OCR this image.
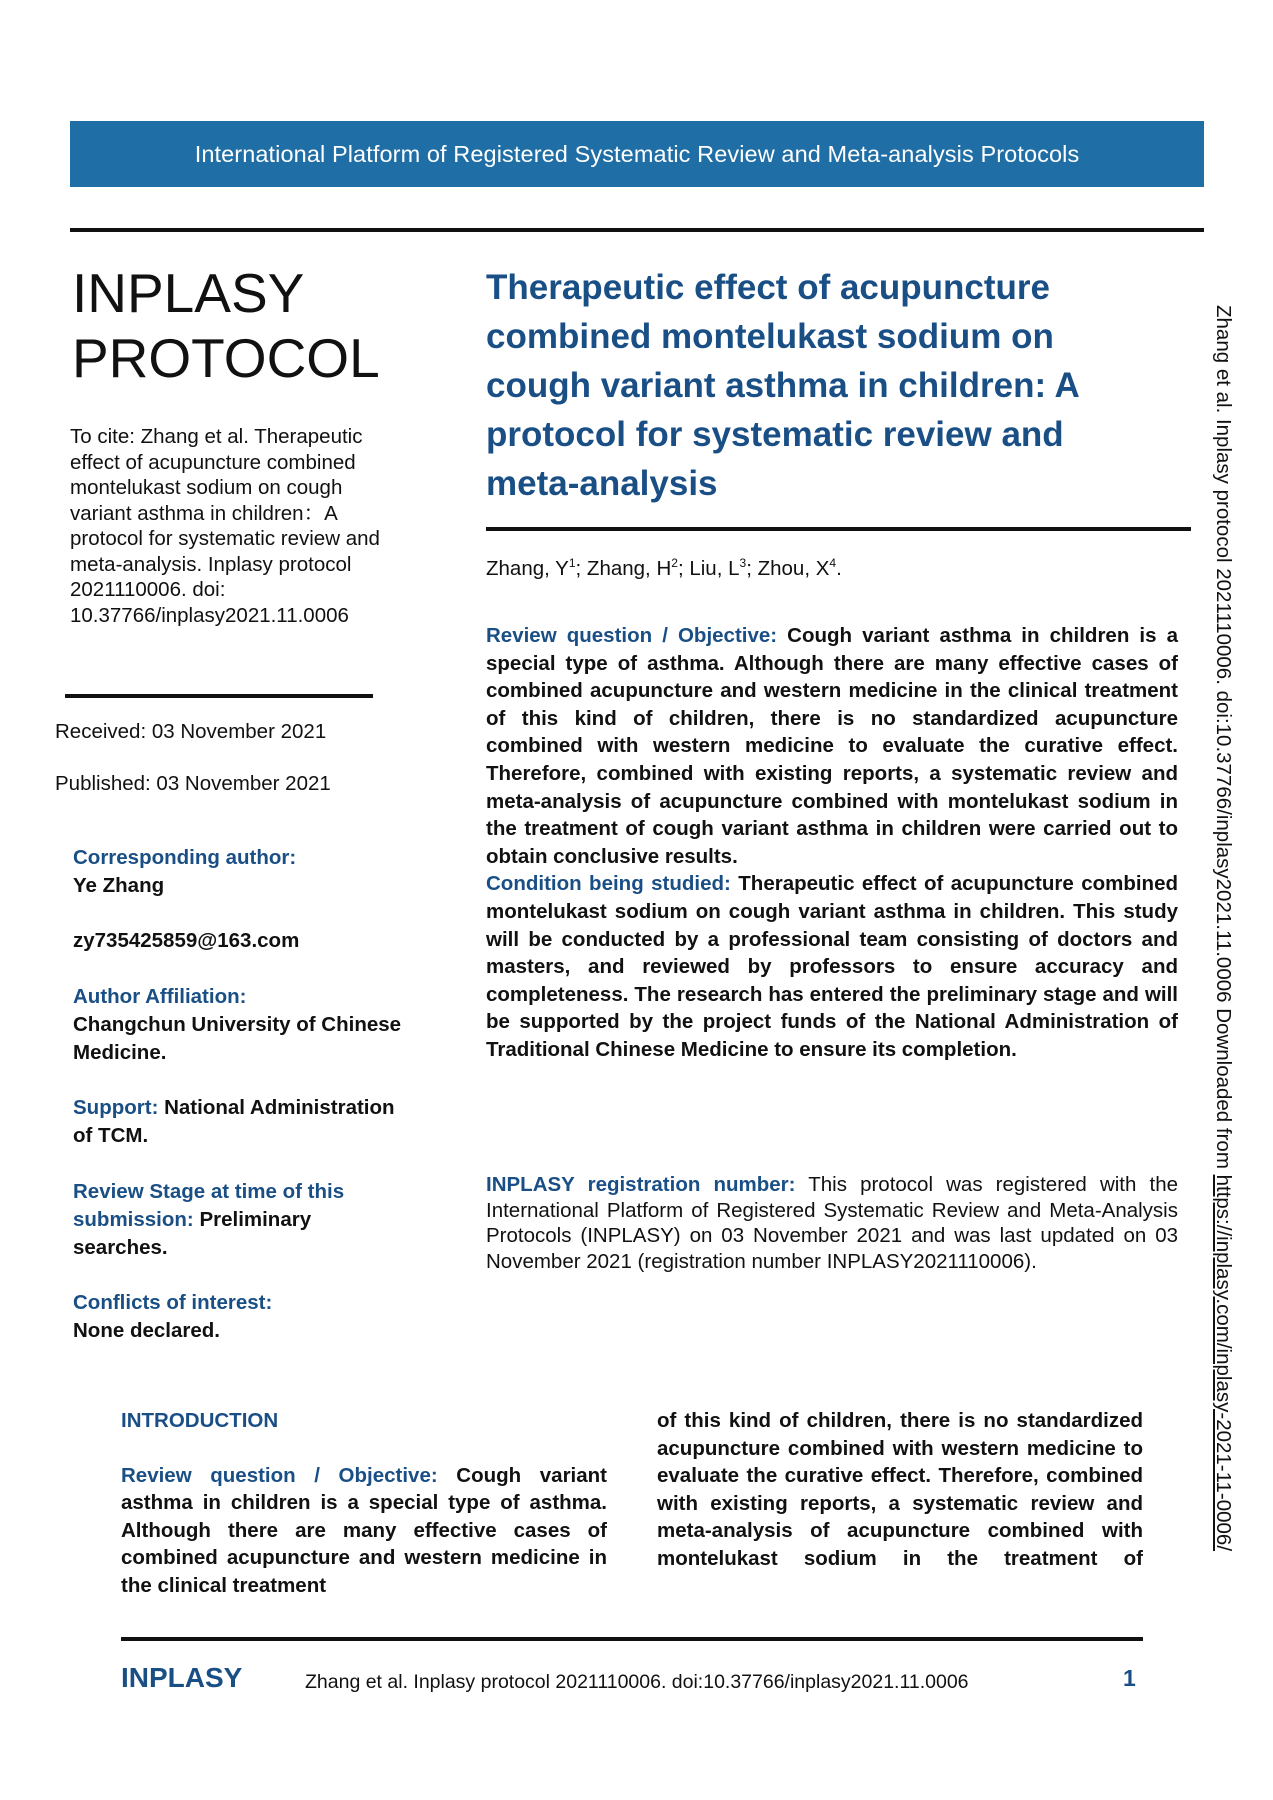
International Platform of Registered Systematic Review and Meta-analysis Protocols
INPLASY
PROTOCOL

To cite: Zhang et al. Therapeutic effect of acupuncture combined montelukast sodium on cough variant asthma in children：A protocol for systematic review and meta-analysis. Inplasy protocol 2021110006. doi: 10.37766/inplasy2021.11.0006

Received: 03 November 2021
Published: 03 November 2021
Corresponding author:
Ye Zhang
zy735425859@163.com
Author Affiliation:
Changchun University of Chinese Medicine.
Support: National Administration of TCM.
Review Stage at time of this submission: Preliminary searches.
Conflicts of interest:
None declared.
Therapeutic effect of acupuncture combined montelukast sodium on cough variant asthma in children: A protocol for systematic review and meta-analysis
Zhang, $Y^1$; Zhang, $H^2$; Liu, $L^3$; Zhou, $X^4$.

Review question / Objective: Cough variant asthma in children is a special type of asthma. Although there are many effective cases of combined acupuncture and western medicine in the clinical treatment of this kind of children, there is no standardized acupuncture combined with western medicine to evaluate the curative effect. Therefore, combined with existing reports, a systematic review and meta-analysis of acupuncture combined with montelukast sodium in the treatment of cough variant asthma in children were carried out to obtain conclusive results.

Condition being studied: Therapeutic effect of acupuncture combined montelukast sodium on cough variant asthma in children. This study will be conducted by a professional team consisting of doctors and masters, and reviewed by professors to ensure accuracy and completeness. The research has entered the preliminary stage and will be supported by the project funds of the National Administration of Traditional Chinese Medicine to ensure its completion.

INPLASY registration number: This protocol was registered with the International Platform of Registered Systematic Review and Meta-Analysis Protocols (INPLASY) on 03 November 2021 and was last updated on 03 November 2021 (registration number INPLASY2021110006).

INTRODUCTION

Review question / Objective: Cough variant asthma in children is a special type of asthma. Although there are many effective cases of combined acupuncture and western medicine in the clinical treatment

of this kind of children, there is no standardized acupuncture combined with western medicine to evaluate the curative effect. Therefore, combined with existing reports, a systematic review and meta-analysis of acupuncture combined with montelukast sodium in the treatment of

INPLASY	Zhang et al. Inplasy protocol 2021110006. doi:10.37766/inplasy2021.11.0006	1
Zhang et al. Inplasy protocol 2021110006. doi:10.37766/inplasy2021.11.0006 Downloaded from https://inplasy.com/inplasy-2021-11-0006/
